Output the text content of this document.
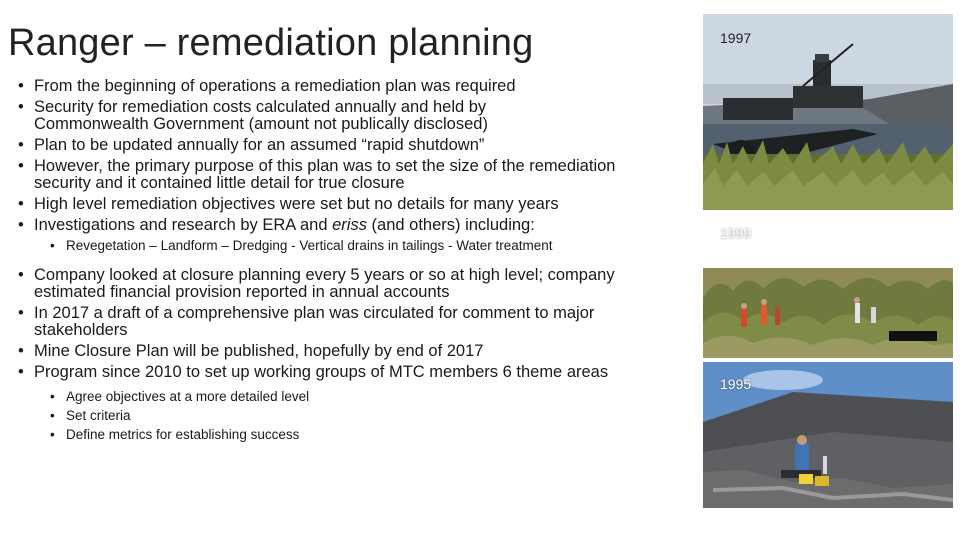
Ranger – remediation planning
• From the beginning of operations a remediation plan was required
• Security for remediation costs calculated annually and held by Commonwealth Government (amount not publically disclosed)
• Plan to be updated annually for an assumed “rapid shutdown”
• However, the primary purpose of this plan was to set the size of the remediation security and it contained little detail for true closure
• High level remediation objectives were set but no details for many years
• Investigations and research by ERA and eriss (and others) including:
• Revegetation – Landform – Dredging - Vertical drains in tailings - Water treatment
• Company looked at closure planning every 5 years or so at high level; company estimated financial provision reported in annual accounts
• In 2017 a draft of a comprehensive plan was circulated for comment to major stakeholders
• Mine Closure Plan will be published, hopefully by end of 2017
• Program since 2010 to set up working groups of MTC members 6 theme areas
• Agree objectives at a more detailed level
• Set criteria
• Define metrics for establishing success
1997
1999
1995
